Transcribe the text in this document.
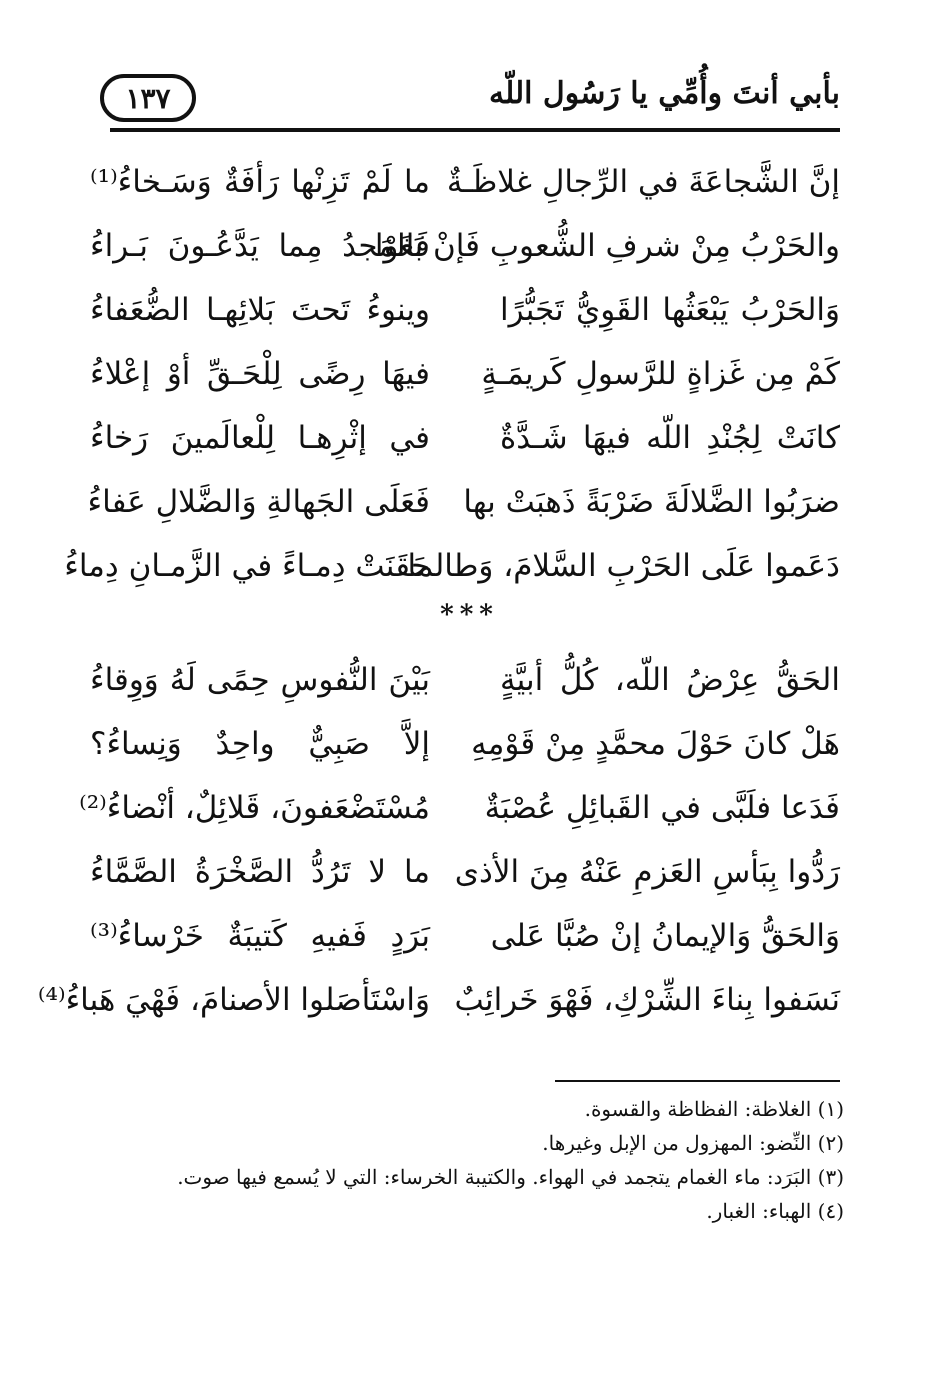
١٣٧	بأبي أنتَ وأُمِّي يا رَسُول اللّه
إنَّ الشَّجاعَةَ في الرِّجالِ غلاظَـةٌ
ما لَمْ تَزِنْها رَأفَةٌ وَسَـخاءُ⁽¹⁾
والحَرْبُ مِنْ شرفِ الشُّعوبِ فَإنْ بَغَوْا
فَالمَجدُ مِما يَدَّعُـونَ بَـراءُ
وَالحَرْبُ يَبْعَثُها القَوِيُّ تَجَبُّرًا
وينوءُ تَحتَ بَلائِهـا الضُّعَفاءُ
كَمْ مِن غَزاةٍ للرَّسولِ كَريمَـةٍ
فيهَا رِضًى لِلْحَـقِّ أوْ إعْلاءُ
كانَتْ لِجُنْدِ اللّه فيهَا شَـدَّةٌ
في إثْرِهـا لِلْعالَمينَ رَخاءُ
ضرَبُوا الضَّلالَةَ ضَرْبَةً ذَهبَتْ بها
فَعَلَى الجَهالةِ وَالضَّلالِ عَفاءُ
دَعَموا عَلَى الحَرْبِ السَّلامَ، وَطالما
حَقَنَتْ دِمـاءً في الزَّمـانِ دِماءُ
***
الحَقُّ عِرْضُ اللّه، كُلُّ أبيَّةٍ
بَيْنَ النُّفوسِ حِمًى لَهُ وَوِقاءُ
هَلْ كانَ حَوْلَ محمَّدٍ مِنْ قَوْمِهِ
إلاَّ صَبِيٌّ واحِدٌ وَنِساءُ؟
فَدَعا فلَبَّى في القَبائِلِ عُصْبَةٌ
مُسْتَضْعَفونَ، قَلائِلٌ، أنْضاءُ⁽²⁾
رَدُّوا بِبَأسِ العَزمِ عَنْهُ مِنَ الأذى
ما لا تَرُدُّ الصَّخْرَةُ الصَّمَّاءُ
وَالحَقُّ وَالإيمانُ إنْ صُبَّا عَلى
بَرَدٍ فَفيهِ كَتيبَةٌ خَرْساءُ⁽³⁾
نَسَفوا بِناءَ الشِّرْكِ، فَهْوَ خَرائِبٌ
وَاسْتَأصَلوا الأصنامَ، فَهْيَ هَباءُ⁽⁴⁾
(١) الغلاظة: الفظاظة والقسوة.
(٢) النِّضو: المهزول من الإبل وغيرها.
(٣) البَرَد: ماء الغمام يتجمد في الهواء. والكتيبة الخرساء: التي لا يُسمع فيها صوت.
(٤) الهباء: الغبار.
